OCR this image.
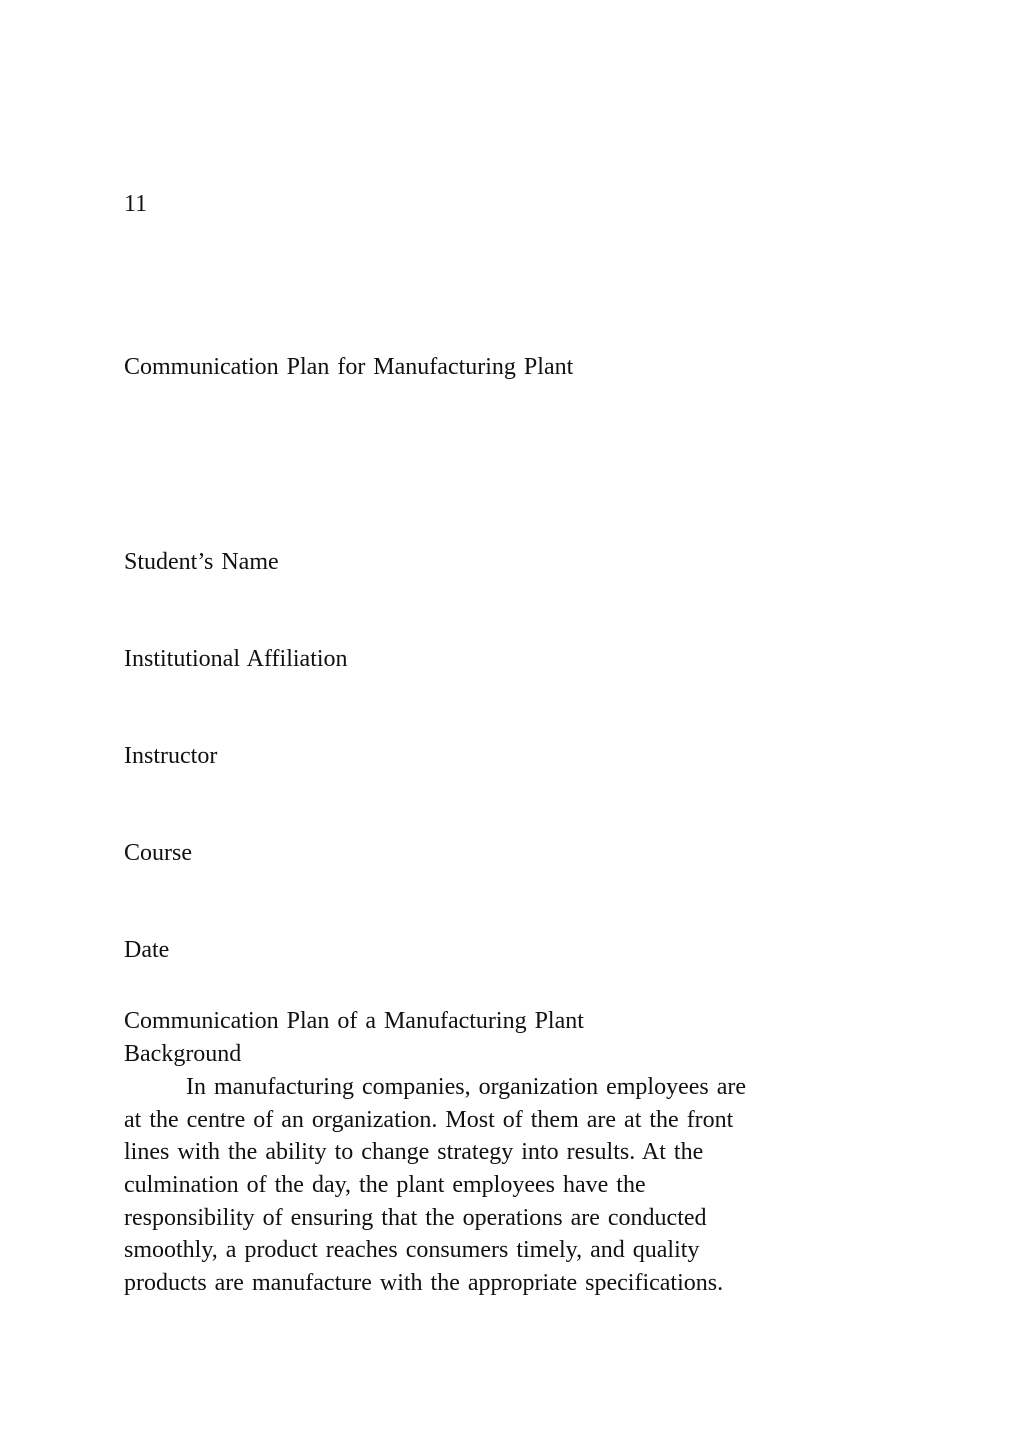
11
Communication Plan for Manufacturing Plant

Student’s Name

Institutional Affiliation

Instructor

Course

Date

Communication Plan of a Manufacturing Plant
Background
In manufacturing companies, organization employees are
at the centre of an organization. Most of them are at the front
lines with the ability to change strategy into results. At the
culmination of the day, the plant employees have the
responsibility of ensuring that the operations are conducted
smoothly, a product reaches consumers timely, and quality
products are manufacture with the appropriate specifications.
